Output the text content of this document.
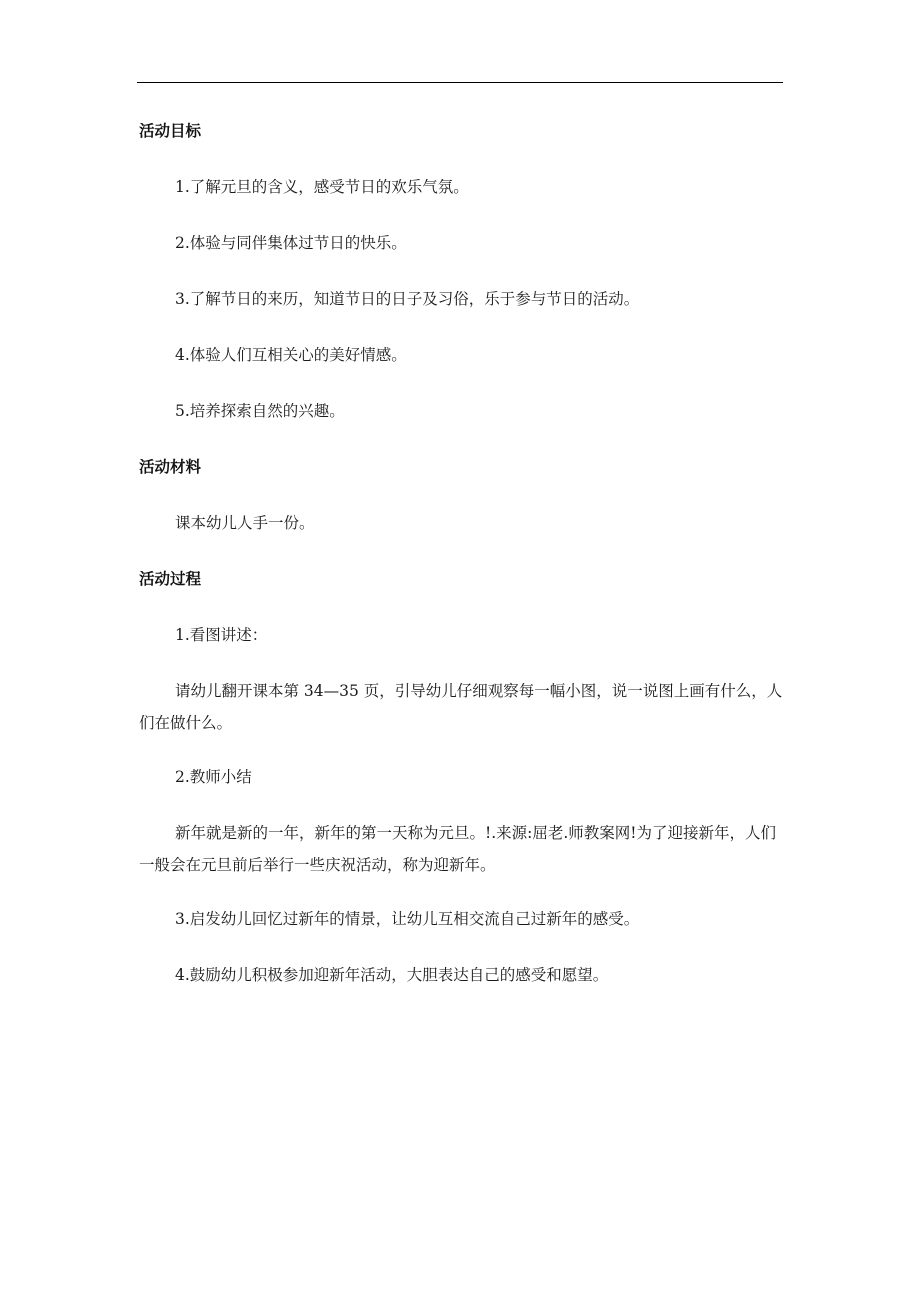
活动目标

1.了解元旦的含义，感受节日的欢乐气氛。

2.体验与同伴集体过节日的快乐。

3.了解节日的来历，知道节日的日子及习俗，乐于参与节日的活动。

4.体验人们互相关心的美好情感。

5.培养探索自然的兴趣。

活动材料

课本幼儿人手一份。

活动过程

1.看图讲述：

请幼儿翻开课本第 34—35 页，引导幼儿仔细观察每一幅小图，说一说图上画有什么，人们在做什么。

2.教师小结

新年就是新的一年，新年的第一天称为元旦。!.来源:屈老.师教案网!为了迎接新年，人们一般会在元旦前后举行一些庆祝活动，称为迎新年。

3.启发幼儿回忆过新年的情景，让幼儿互相交流自己过新年的感受。

4.鼓励幼儿积极参加迎新年活动，大胆表达自己的感受和愿望。
